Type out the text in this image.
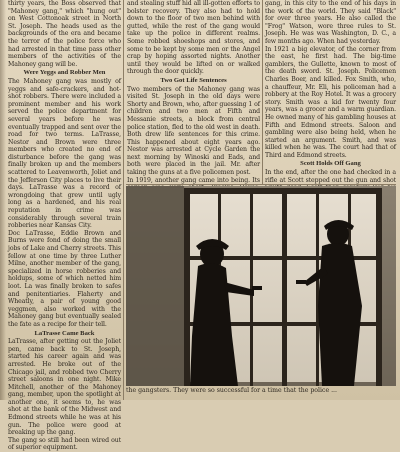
thirty years, the Boss observed that "Mahoney gang," which "hung out" on West Cottonoak street in North St. Joseph. The heads used as the backgrounds of the era and became the terror of the police force who had arrested in that time pass other members of the activities of the Mahoney gang will be.

Were Yeggs and Robber Men

The Mahoney gang was mostly of yeggs and safe-crackers, and hot-shot robbers. There were included a prominent member and his work served the police department for several years before he was eventually trapped and sent over the road for two terms. LaTrasse, Nestor and Brown were three members who created no end of disturbance before the gang was finally broken up and the members scattered to Leavenworth, Joliet and the Jefferson City places to live their days. LaTrasse was a record of wrongdoing that grew until ugly long as a hardened, and his real reputation in crime was considerably through several train robberies near Kansas City.

Doc LaTrasse, Eddie Brown and Burns were fond of doing the small jobs of Lake and Cherry streets. This fellow at one time by three Luther Milne, another member of the gang, specialized in horse robberies and holdups, some of which netted him loot. La was finally broken to safes and penitentiaries. Flaherty and Wheatly, a pair of young good yeggmen, also worked with the Mahoney gang but eventually sealed the fate as a recipe for their tell.

LaTrasse Came Back

LaTrasse, after getting out the Joliet pen, came back to St. Joseph, started his career again and was arrested. He broke out of the Chicago jail, and robbed two Cherry street saloons in one night. Mike Mitchell, another of the Mahoney gang, member, upon the spotlight at another one, it seems to, he was shot at the bank of the Midwest and Edmond streets while he was at his gun. The police were good at breaking up the gang.

The gang so still had been wired out of superior equipment.

and stealing stuff hid all ill-gotten efforts to bolster recovery. They also had to hold down to the floor of two men behind with gutted, while the rest of the gang would take up the police in different realms. Some robbed shoeshops and stores, and some to be kept by some men or the Angel crap by hoping assorted nights. Another until they would be lifted on or walked through the door quickly.

Two Got Life Sentences

Two members of the Mahoney gang was visited St. Joseph in the old days were Shorty and Brown, who, after guessing 1 of children and two men at Fifth and Messanie streets, a block from central police station, fled to the old west in death. Both drew life sentences for this crime. This happened about eight years ago. Nestor was arrested at Cycle Garden the next morning by Winoski and Eads, and both were placed in the jail. Mr. after taking the guns at a five policemen post.

In 1919, another gang came into being. Its

gang, in this city to the end of his days in the work of the world. They said "Black" for over three years. He also called the "Frog" Watson, wore three rules to St. Joseph. He was was Washington, D. C., a few months ago. When had yesterday.

In 1921 a big elevator, of the corner from the east, he first had. The big-time gamblers, the Gullette, known to most of the death sword. St. Joseph. Policemen Charles Boer, and killed. Fox Smith, who, a chauffeur, Mr. Eli, his policeman had a robbery at the Roy Hotel. It was a grocery story. Smith was a kid for twenty four years, was a grocer and a warm guardian. He owned many of his gambling houses at Fifth and Edmond streets. Saloon and gambling were also being held, when he started an argument. Smith, and was killed when he was. The court had that of Third and Edmond streets.

Scott Holds Off Gang

In the end, after the one had checked in a rifle at Scott stepped out the gun and shot

the gangsters. They were so successful for a time that the police ...
